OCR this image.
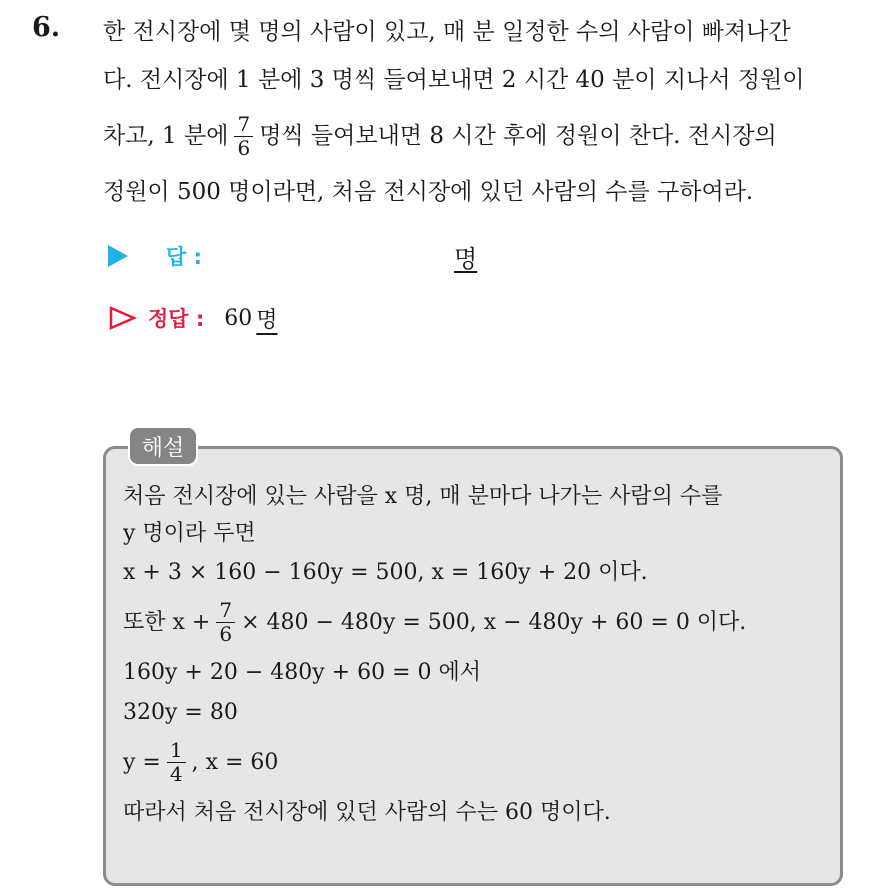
6. 한 전시장에 몇 명의 사람이 있고, 매 분 일정한 수의 사람이 빠져나간
다. 전시장에 1 분에 3 명씩 들여보내면 2 시간 40 분이 지나서 정원이
차고, 1 분에 $\frac{7}{6}$ 명씩 들여보내면 8 시간 후에 정원이 찬다. 전시장의
정원이 500 명이라면, 처음 전시장에 있던 사람의 수를 구하여라.
답 :	명
정답 : 60 명
해설
처음 전시장에 있는 사람을 x 명, 매 분마다 나가는 사람의 수를
y 명이라 두면
x + 3 × 160 − 160y = 500, x = 160y + 20 이다.
또한 $x + \frac{7}{6} \times 480 - 480y = 500$, x − 480y + 60 = 0 이다.
160y + 20 − 480y + 60 = 0 에서
320y = 80
$y = \frac{1}{4}$ , x = 60
따라서 처음 전시장에 있던 사람의 수는 60 명이다.
